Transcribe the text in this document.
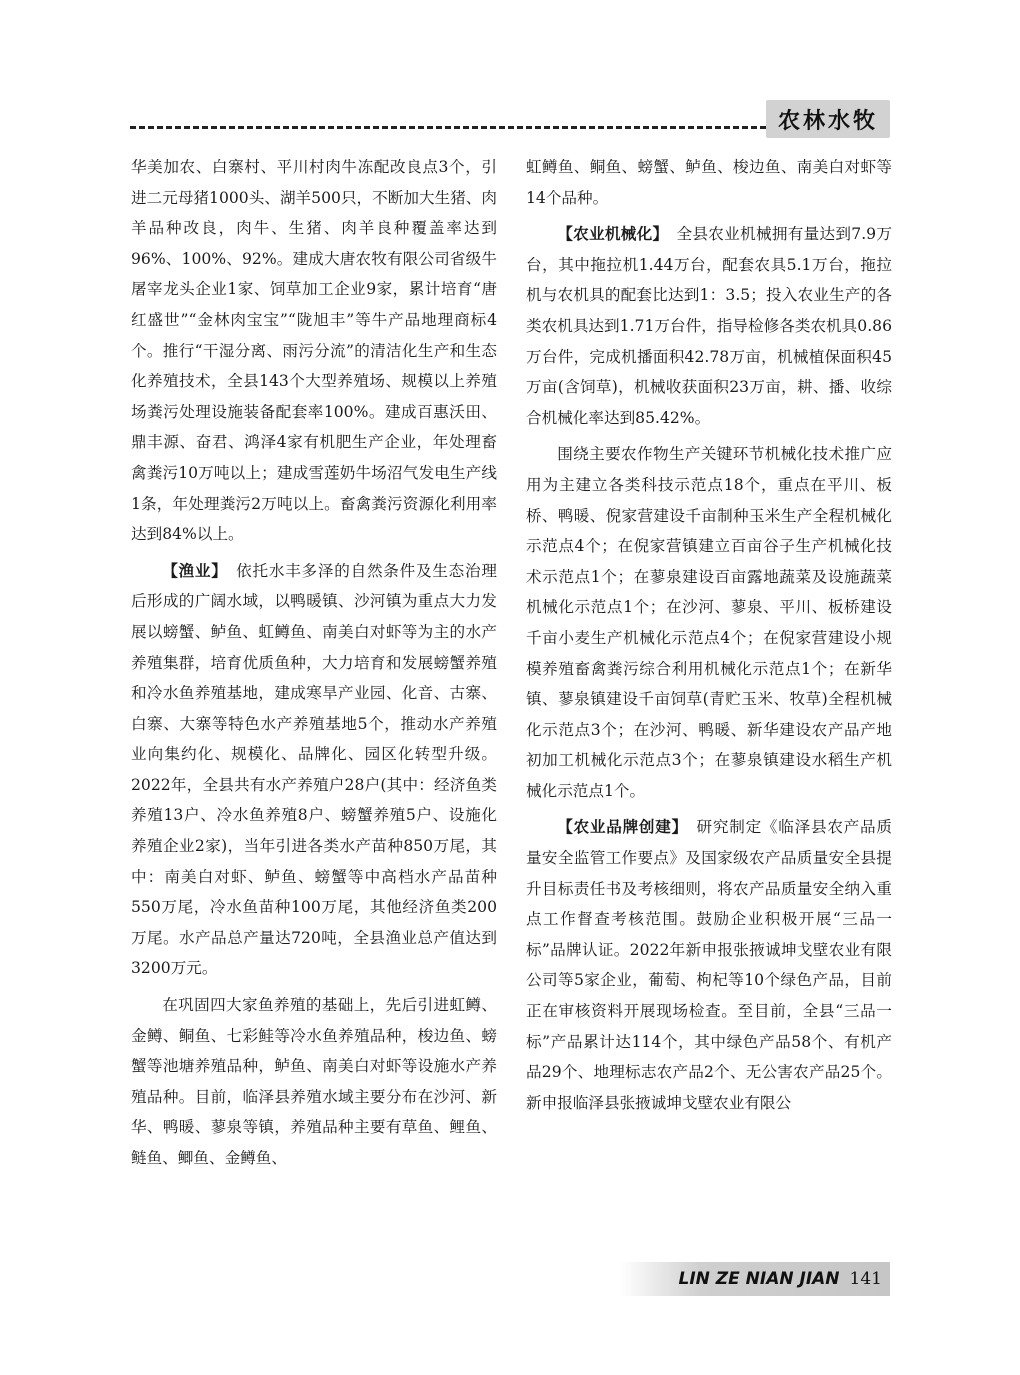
农林水牧

华美加农、白寨村、平川村肉牛冻配改良点3个，引进二元母猪1000头、湖羊500只，不断加大生猪、肉羊品种改良，肉牛、生猪、肉羊良种覆盖率达到96%、100%、92%。建成大唐农牧有限公司省级牛屠宰龙头企业1家、饲草加工企业9家，累计培育“唐红盛世”“金林肉宝宝”“陇旭丰”等牛产品地理商标4个。推行“干湿分离、雨污分流”的清洁化生产和生态化养殖技术，全县143个大型养殖场、规模以上养殖场粪污处理设施装备配套率100%。建成百惠沃田、鼎丰源、奋君、鸿泽4家有机肥生产企业，年处理畜禽粪污10万吨以上；建成雪莲奶牛场沼气发电生产线1条，年处理粪污2万吨以上。畜禽粪污资源化利用率达到84%以上。

【渔业】  依托水丰多泽的自然条件及生态治理后形成的广阔水域，以鸭暖镇、沙河镇为重点大力发展以螃蟹、鲈鱼、虹鳟鱼、南美白对虾等为主的水产养殖集群，培育优质鱼种，大力培育和发展螃蟹养殖和冷水鱼养殖基地，建成寒旱产业园、化音、古寨、白寨、大寨等特色水产养殖基地5个，推动水产养殖业向集约化、规模化、品牌化、园区化转型升级。2022年，全县共有水产养殖户28户(其中：经济鱼类养殖13户、冷水鱼养殖8户、螃蟹养殖5户、设施化养殖企业2家)，当年引进各类水产苗种850万尾，其中：南美白对虾、鲈鱼、螃蟹等中高档水产品苗种550万尾，冷水鱼苗种100万尾，其他经济鱼类200万尾。水产品总产量达720吨，全县渔业总产值达到3200万元。

在巩固四大家鱼养殖的基础上，先后引进虹鳟、金鳟、鲖鱼、七彩鲑等冷水鱼养殖品种，梭边鱼、螃蟹等池塘养殖品种，鲈鱼、南美白对虾等设施水产养殖品种。目前，临泽县养殖水域主要分布在沙河、新华、鸭暖、蓼泉等镇，养殖品种主要有草鱼、鲤鱼、鲢鱼、鲫鱼、金鳟鱼、

虹鳟鱼、鲖鱼、螃蟹、鲈鱼、梭边鱼、南美白对虾等14个品种。

【农业机械化】  全县农业机械拥有量达到7.9万台，其中拖拉机1.44万台，配套农具5.1万台，拖拉机与农机具的配套比达到1：3.5；投入农业生产的各类农机具达到1.71万台件，指导检修各类农机具0.86万台件，完成机播面积42.78万亩，机械植保面积45万亩(含饲草)，机械收获面积23万亩，耕、播、收综合机械化率达到85.42%。

围绕主要农作物生产关键环节机械化技术推广应用为主建立各类科技示范点18个，重点在平川、板桥、鸭暖、倪家营建设千亩制种玉米生产全程机械化示范点4个；在倪家营镇建立百亩谷子生产机械化技术示范点1个；在蓼泉建设百亩露地蔬菜及设施蔬菜机械化示范点1个；在沙河、蓼泉、平川、板桥建设千亩小麦生产机械化示范点4个；在倪家营建设小规模养殖畜禽粪污综合利用机械化示范点1个；在新华镇、蓼泉镇建设千亩饲草(青贮玉米、牧草)全程机械化示范点3个；在沙河、鸭暖、新华建设农产品产地初加工机械化示范点3个；在蓼泉镇建设水稻生产机械化示范点1个。

【农业品牌创建】  研究制定《临泽县农产品质量安全监管工作要点》及国家级农产品质量安全县提升目标责任书及考核细则，将农产品质量安全纳入重点工作督查考核范围。鼓励企业积极开展“三品一标”品牌认证。2022年新申报张掖诚坤戈壁农业有限公司等5家企业，葡萄、枸杞等10个绿色产品，目前正在审核资料开展现场检查。至目前，全县“三品一标”产品累计达114个，其中绿色产品58个、有机产品29个、地理标志农产品2个、无公害农产品25个。新申报临泽县张掖诚坤戈壁农业有限公

LIN ZE NIAN JIAN 141
